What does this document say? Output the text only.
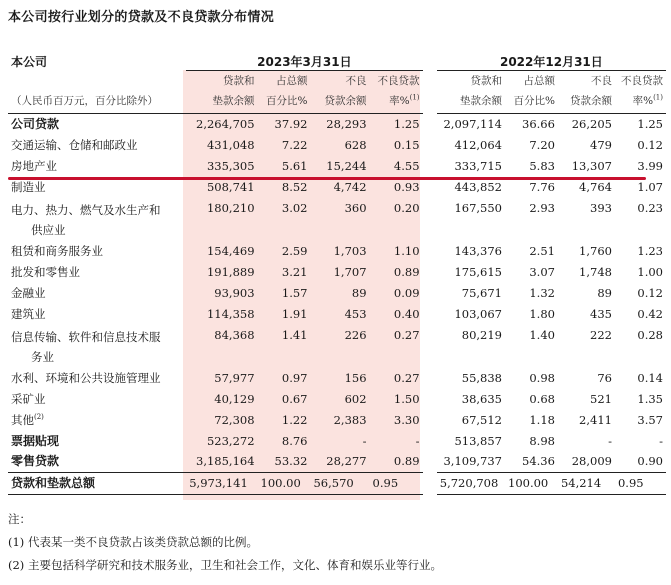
本公司按行业划分的贷款及不良贷款分布情况
本公司	2023年3月31日					2022年12月31日			
	贷款和	占总额	不良	不良贷款		贷款和	占总额	不良	不良贷款
（人民币百万元，百分比除外）	垫款余额	百分比%	贷款余额	率%$^{(1)}$		垫款余额	百分比%	贷款余额	率%$^{(1)}$
公司贷款	2,264,705	37.92	28,293	1.25		2,097,114	36.66	26,205	1.25
交通运输、仓储和邮政业	431,048	7.22	628	0.15		412,064	7.20	479	0.12
房地产业	335,305	5.61	15,244	4.55		333,715	5.83	13,307	3.99
制造业	508,741	8.52	4,742	0.93		443,852	7.76	4,764	1.07
电力、热力、燃气及水生产和
供应业	180,210	3.02	360	0.20		167,550	2.93	393	0.23
租赁和商务服务业	154,469	2.59	1,703	1.10		143,376	2.51	1,760	1.23
批发和零售业	191,889	3.21	1,707	0.89		175,615	3.07	1,748	1.00
金融业	93,903	1.57	89	0.09		75,671	1.32	89	0.12
建筑业	114,358	1.91	453	0.40		103,067	1.80	435	0.42
信息传输、软件和信息技术服
务业	84,368	1.41	226	0.27		80,219	1.40	222	0.28
水利、环境和公共设施管理业	57,977	0.97	156	0.27		55,838	0.98	76	0.14
采矿业	40,129	0.67	602	1.50		38,635	0.68	521	1.35
其他$^{(2)}$	72,308	1.22	2,383	3.30		67,512	1.18	2,411	3.57
票据贴现	523,272	8.76	-	-		513,857	8.98	-	-
零售贷款	3,185,164	53.32	28,277	0.89		3,109,737	54.36	28,009	0.90
贷款和垫款总额	5,973,141	100.00	56,570	0.95		5,720,708	100.00	54,214	0.95
注：
(1) 代表某一类不良贷款占该类贷款总额的比例。
(2) 主要包括科学研究和技术服务业，卫生和社会工作，文化、体育和娱乐业等行业。
